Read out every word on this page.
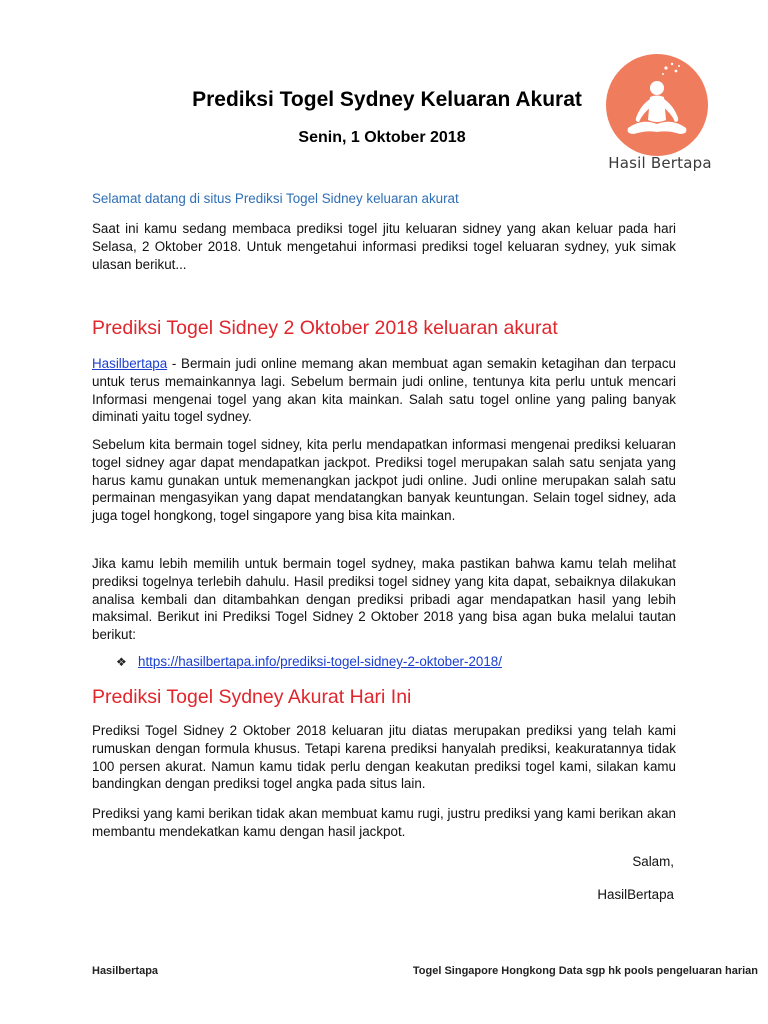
Hasil Bertapa
Prediksi Togel Sydney Keluaran Akurat
Senin, 1 Oktober 2018
Selamat datang di situs Prediksi Togel Sidney keluaran akurat

Saat ini kamu sedang membaca prediksi togel jitu keluaran sidney yang akan keluar pada hari Selasa, 2 Oktober 2018. Untuk mengetahui informasi prediksi togel keluaran sydney, yuk simak ulasan berikut...

Prediksi Togel Sidney 2 Oktober 2018 keluaran akurat

Hasilbertapa - Bermain judi online memang akan membuat agan semakin ketagihan dan terpacu untuk terus memainkannya lagi. Sebelum bermain judi online, tentunya kita perlu untuk mencari Informasi mengenai togel yang akan kita mainkan. Salah satu togel online yang paling banyak diminati yaitu togel sydney.

Sebelum kita bermain togel sidney, kita perlu mendapatkan informasi mengenai prediksi keluaran togel sidney agar dapat mendapatkan jackpot. Prediksi togel merupakan salah satu senjata yang harus kamu gunakan untuk memenangkan jackpot judi online. Judi online merupakan salah satu permainan mengasyikan yang dapat mendatangkan banyak keuntungan. Selain togel sidney, ada juga togel hongkong, togel singapore yang bisa kita mainkan.

Jika kamu lebih memilih untuk bermain togel sydney, maka pastikan bahwa kamu telah melihat prediksi togelnya terlebih dahulu. Hasil prediksi togel sidney yang kita dapat, sebaiknya dilakukan analisa kembali dan ditambahkan dengan prediksi pribadi agar mendapatkan hasil yang lebih maksimal. Berikut ini Prediksi Togel Sidney 2 Oktober 2018 yang bisa agan buka melalui tautan berikut:

❖ https://hasilbertapa.info/prediksi-togel-sidney-2-oktober-2018/
Prediksi Togel Sydney Akurat Hari Ini

Prediksi Togel Sidney 2 Oktober 2018 keluaran jitu diatas merupakan prediksi yang telah kami rumuskan dengan formula khusus. Tetapi karena prediksi hanyalah prediksi, keakuratannya tidak 100 persen akurat. Namun kamu tidak perlu dengan keakutan prediksi togel kami, silakan kamu bandingkan dengan prediksi togel angka pada situs lain.

Prediksi yang kami berikan tidak akan membuat kamu rugi, justru prediksi yang kami berikan akan membantu mendekatkan kamu dengan hasil jackpot.

Salam,
HasilBertapa
Hasilbertapa	Togel Singapore Hongkong Data sgp hk pools pengeluaran harian
